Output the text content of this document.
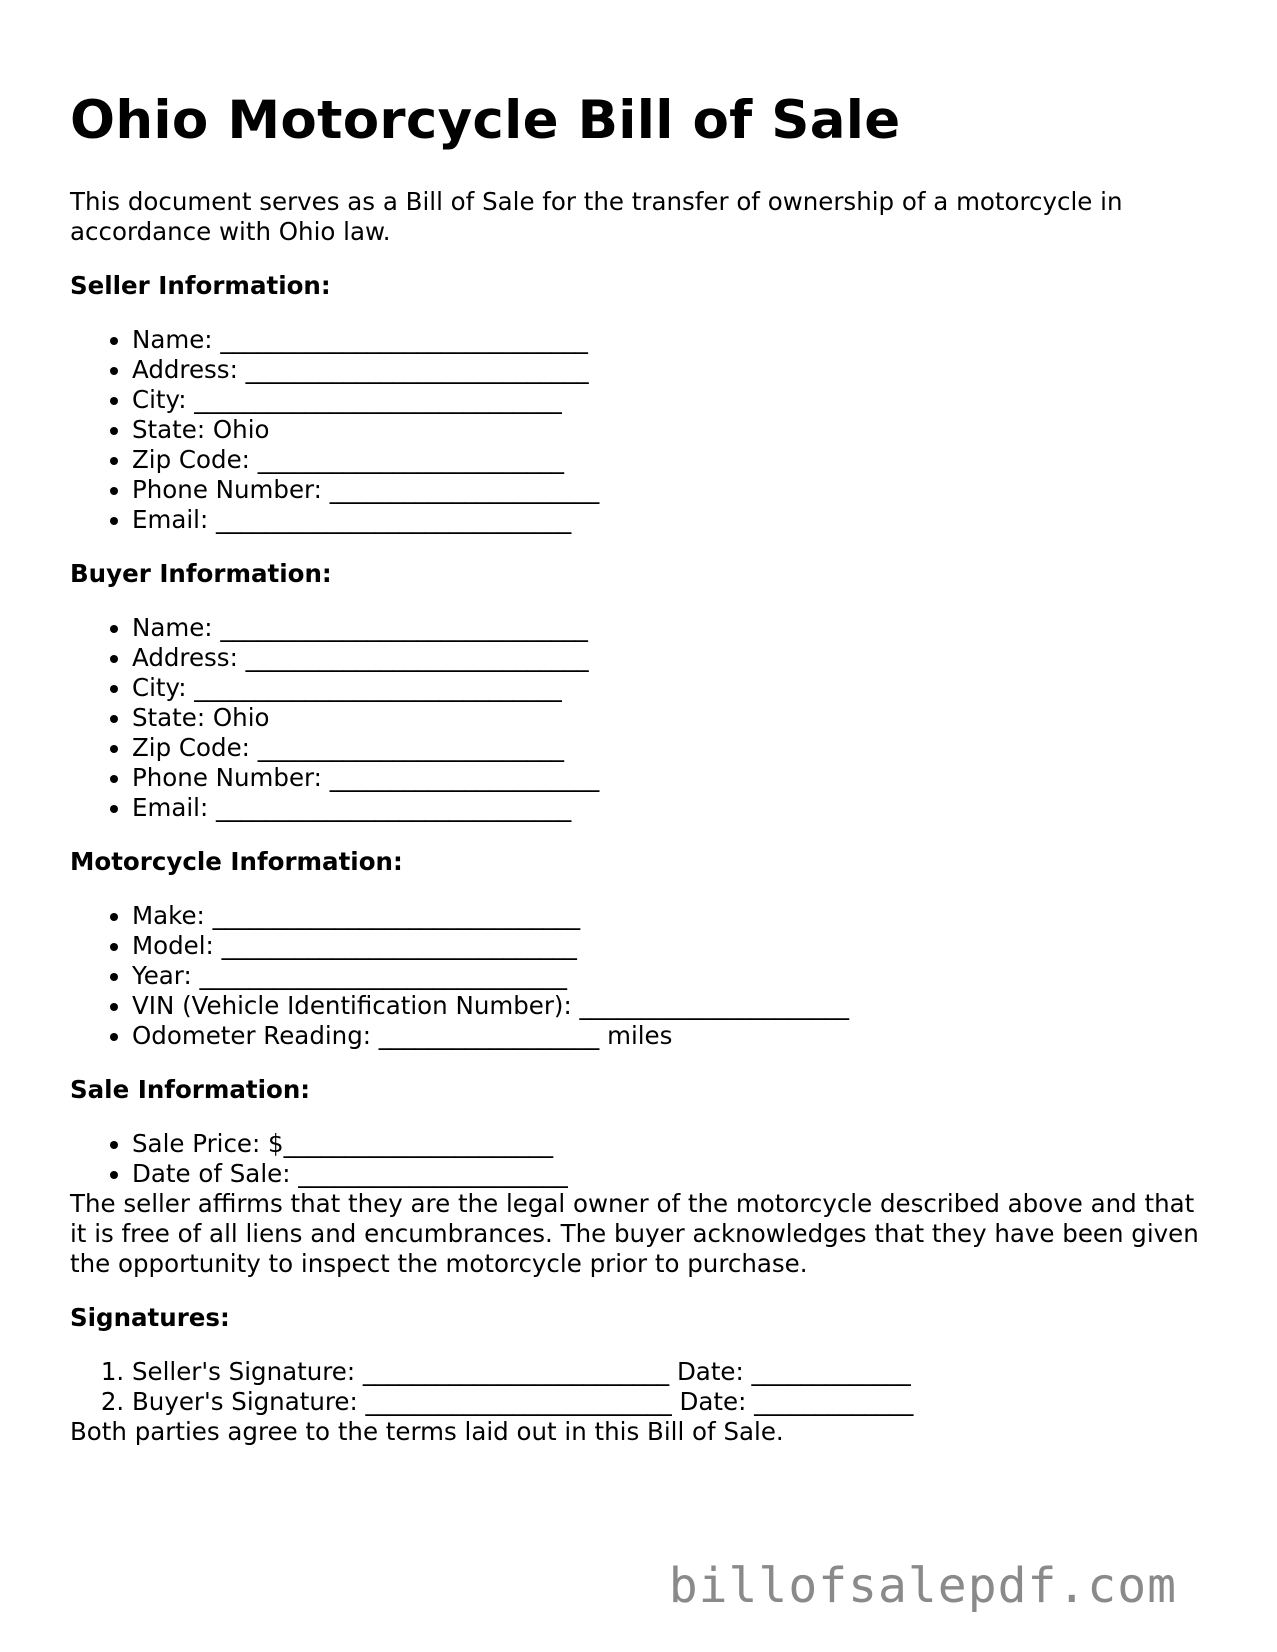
Ohio Motorcycle Bill of Sale

This document serves as a Bill of Sale for the transfer of ownership of a motorcycle in accordance with Ohio law.

Seller Information:
• Name: ______________________________
• Address: ____________________________
• City: ______________________________
• State: Ohio
• Zip Code: _________________________
• Phone Number: ______________________
• Email: _____________________________
Buyer Information:
• Name: ______________________________
• Address: ____________________________
• City: ______________________________
• State: Ohio
• Zip Code: _________________________
• Phone Number: ______________________
• Email: _____________________________
Motorcycle Information:
• Make: ______________________________
• Model: _____________________________
• Year: ______________________________
• VIN (Vehicle Identification Number): ______________________
• Odometer Reading: __________________ miles
Sale Information:
• Sale Price: $______________________
• Date of Sale: ______________________

The seller affirms that they are the legal owner of the motorcycle described above and that it is free of all liens and encumbrances. The buyer acknowledges that they have been given the opportunity to inspect the motorcycle prior to purchase.

Signatures:
1. Seller's Signature: _________________________ Date: _____________
2. Buyer's Signature: _________________________ Date: _____________

Both parties agree to the terms laid out in this Bill of Sale.

billofsalepdf.com
